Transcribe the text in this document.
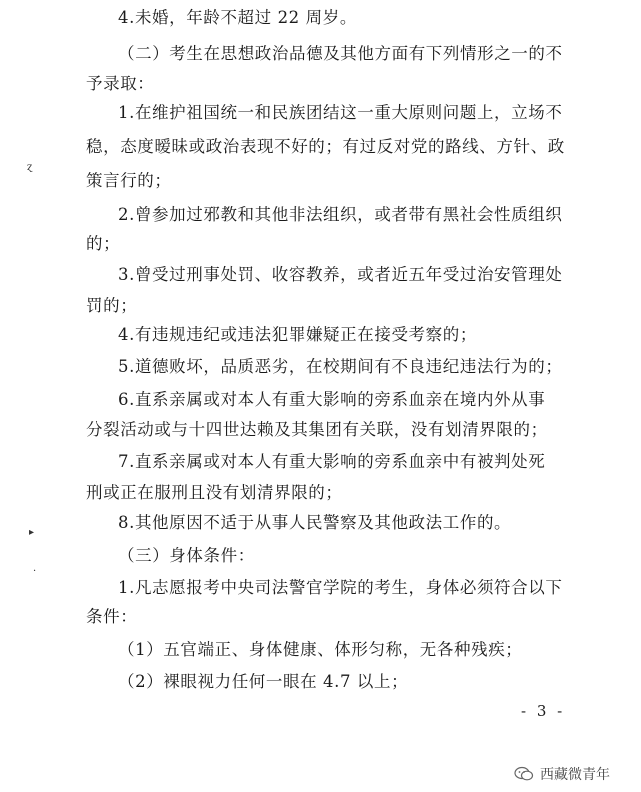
4.未婚，年龄不超过 22 周岁。
（二）考生在思想政治品德及其他方面有下列情形之一的不
予录取：
1.在维护祖国统一和民族团结这一重大原则问题上，立场不
稳，态度暧昧或政治表现不好的；有过反对党的路线、方针、政
策言行的；
2.曾参加过邪教和其他非法组织，或者带有黑社会性质组织
的；
3.曾受过刑事处罚、收容教养，或者近五年受过治安管理处
罚的；
4.有违规违纪或违法犯罪嫌疑正在接受考察的；
5.道德败坏，品质恶劣，在校期间有不良违纪违法行为的；
6.直系亲属或对本人有重大影响的旁系血亲在境内外从事
分裂活动或与十四世达赖及其集团有关联，没有划清界限的；
7.直系亲属或对本人有重大影响的旁系血亲中有被判处死
刑或正在服刑且没有划清界限的；
8.其他原因不适于从事人民警察及其他政法工作的。
（三）身体条件：
1.凡志愿报考中央司法警官学院的考生，身体必须符合以下
条件：
（1）五官端正、身体健康、体形匀称，无各种残疾；
（2）裸眼视力任何一眼在 4.7 以上；
ɀ
▸
·
- 3 -
西藏微青年
